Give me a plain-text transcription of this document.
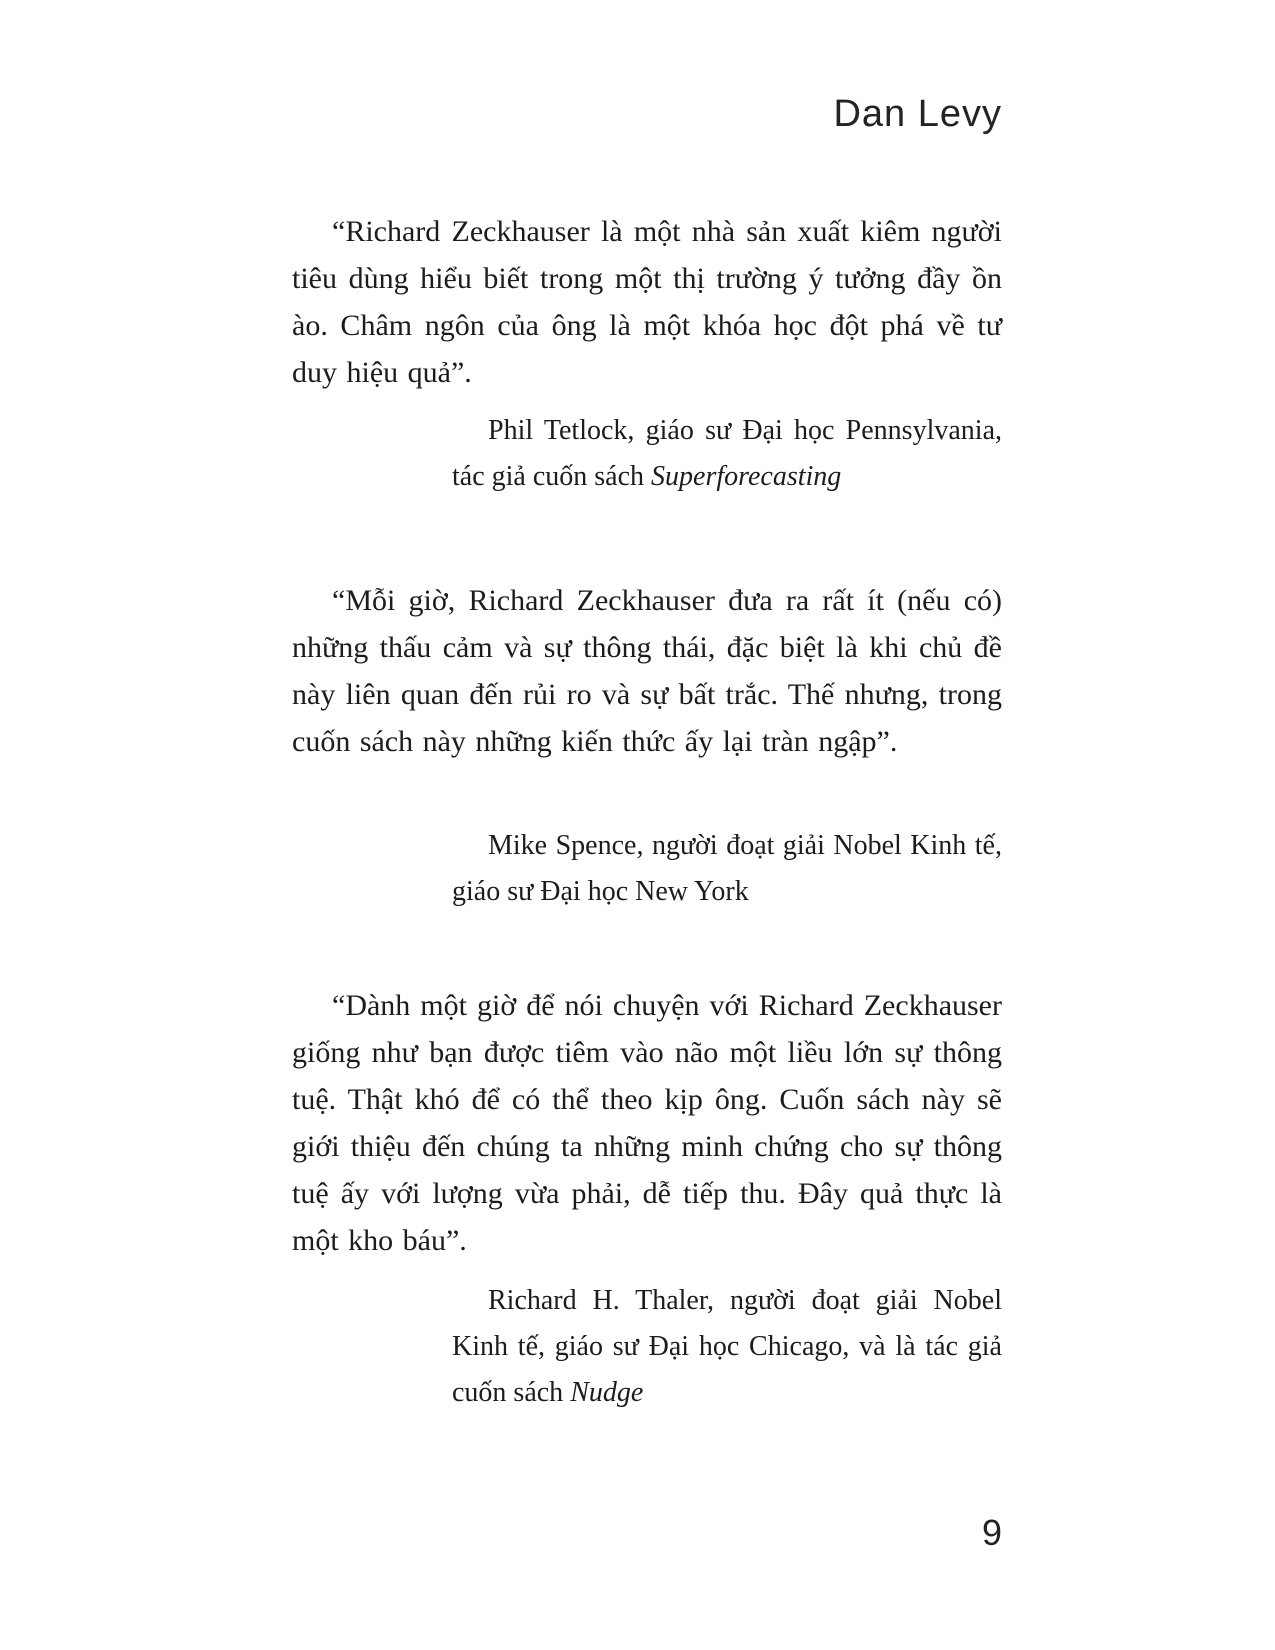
Dan Levy

“Richard Zeckhauser là một nhà sản xuất kiêm người tiêu dùng hiểu biết trong một thị trường ý tưởng đầy ồn ào. Châm ngôn của ông là một khóa học đột phá về tư duy hiệu quả”.

Phil Tetlock, giáo sư Đại học Pennsylvania, tác giả cuốn sách Superforecasting

“Mỗi giờ, Richard Zeckhauser đưa ra rất ít (nếu có) những thấu cảm và sự thông thái, đặc biệt là khi chủ đề này liên quan đến rủi ro và sự bất trắc. Thế nhưng, trong cuốn sách này những kiến thức ấy lại tràn ngập”.

Mike Spence, người đoạt giải Nobel Kinh tế, giáo sư Đại học New York

“Dành một giờ để nói chuyện với Richard Zeckhauser giống như bạn được tiêm vào não một liều lớn sự thông tuệ. Thật khó để có thể theo kịp ông. Cuốn sách này sẽ giới thiệu đến chúng ta những minh chứng cho sự thông tuệ ấy với lượng vừa phải, dễ tiếp thu. Đây quả thực là một kho báu”.

Richard H. Thaler, người đoạt giải Nobel Kinh tế, giáo sư Đại học Chicago, và là tác giả cuốn sách Nudge

9
